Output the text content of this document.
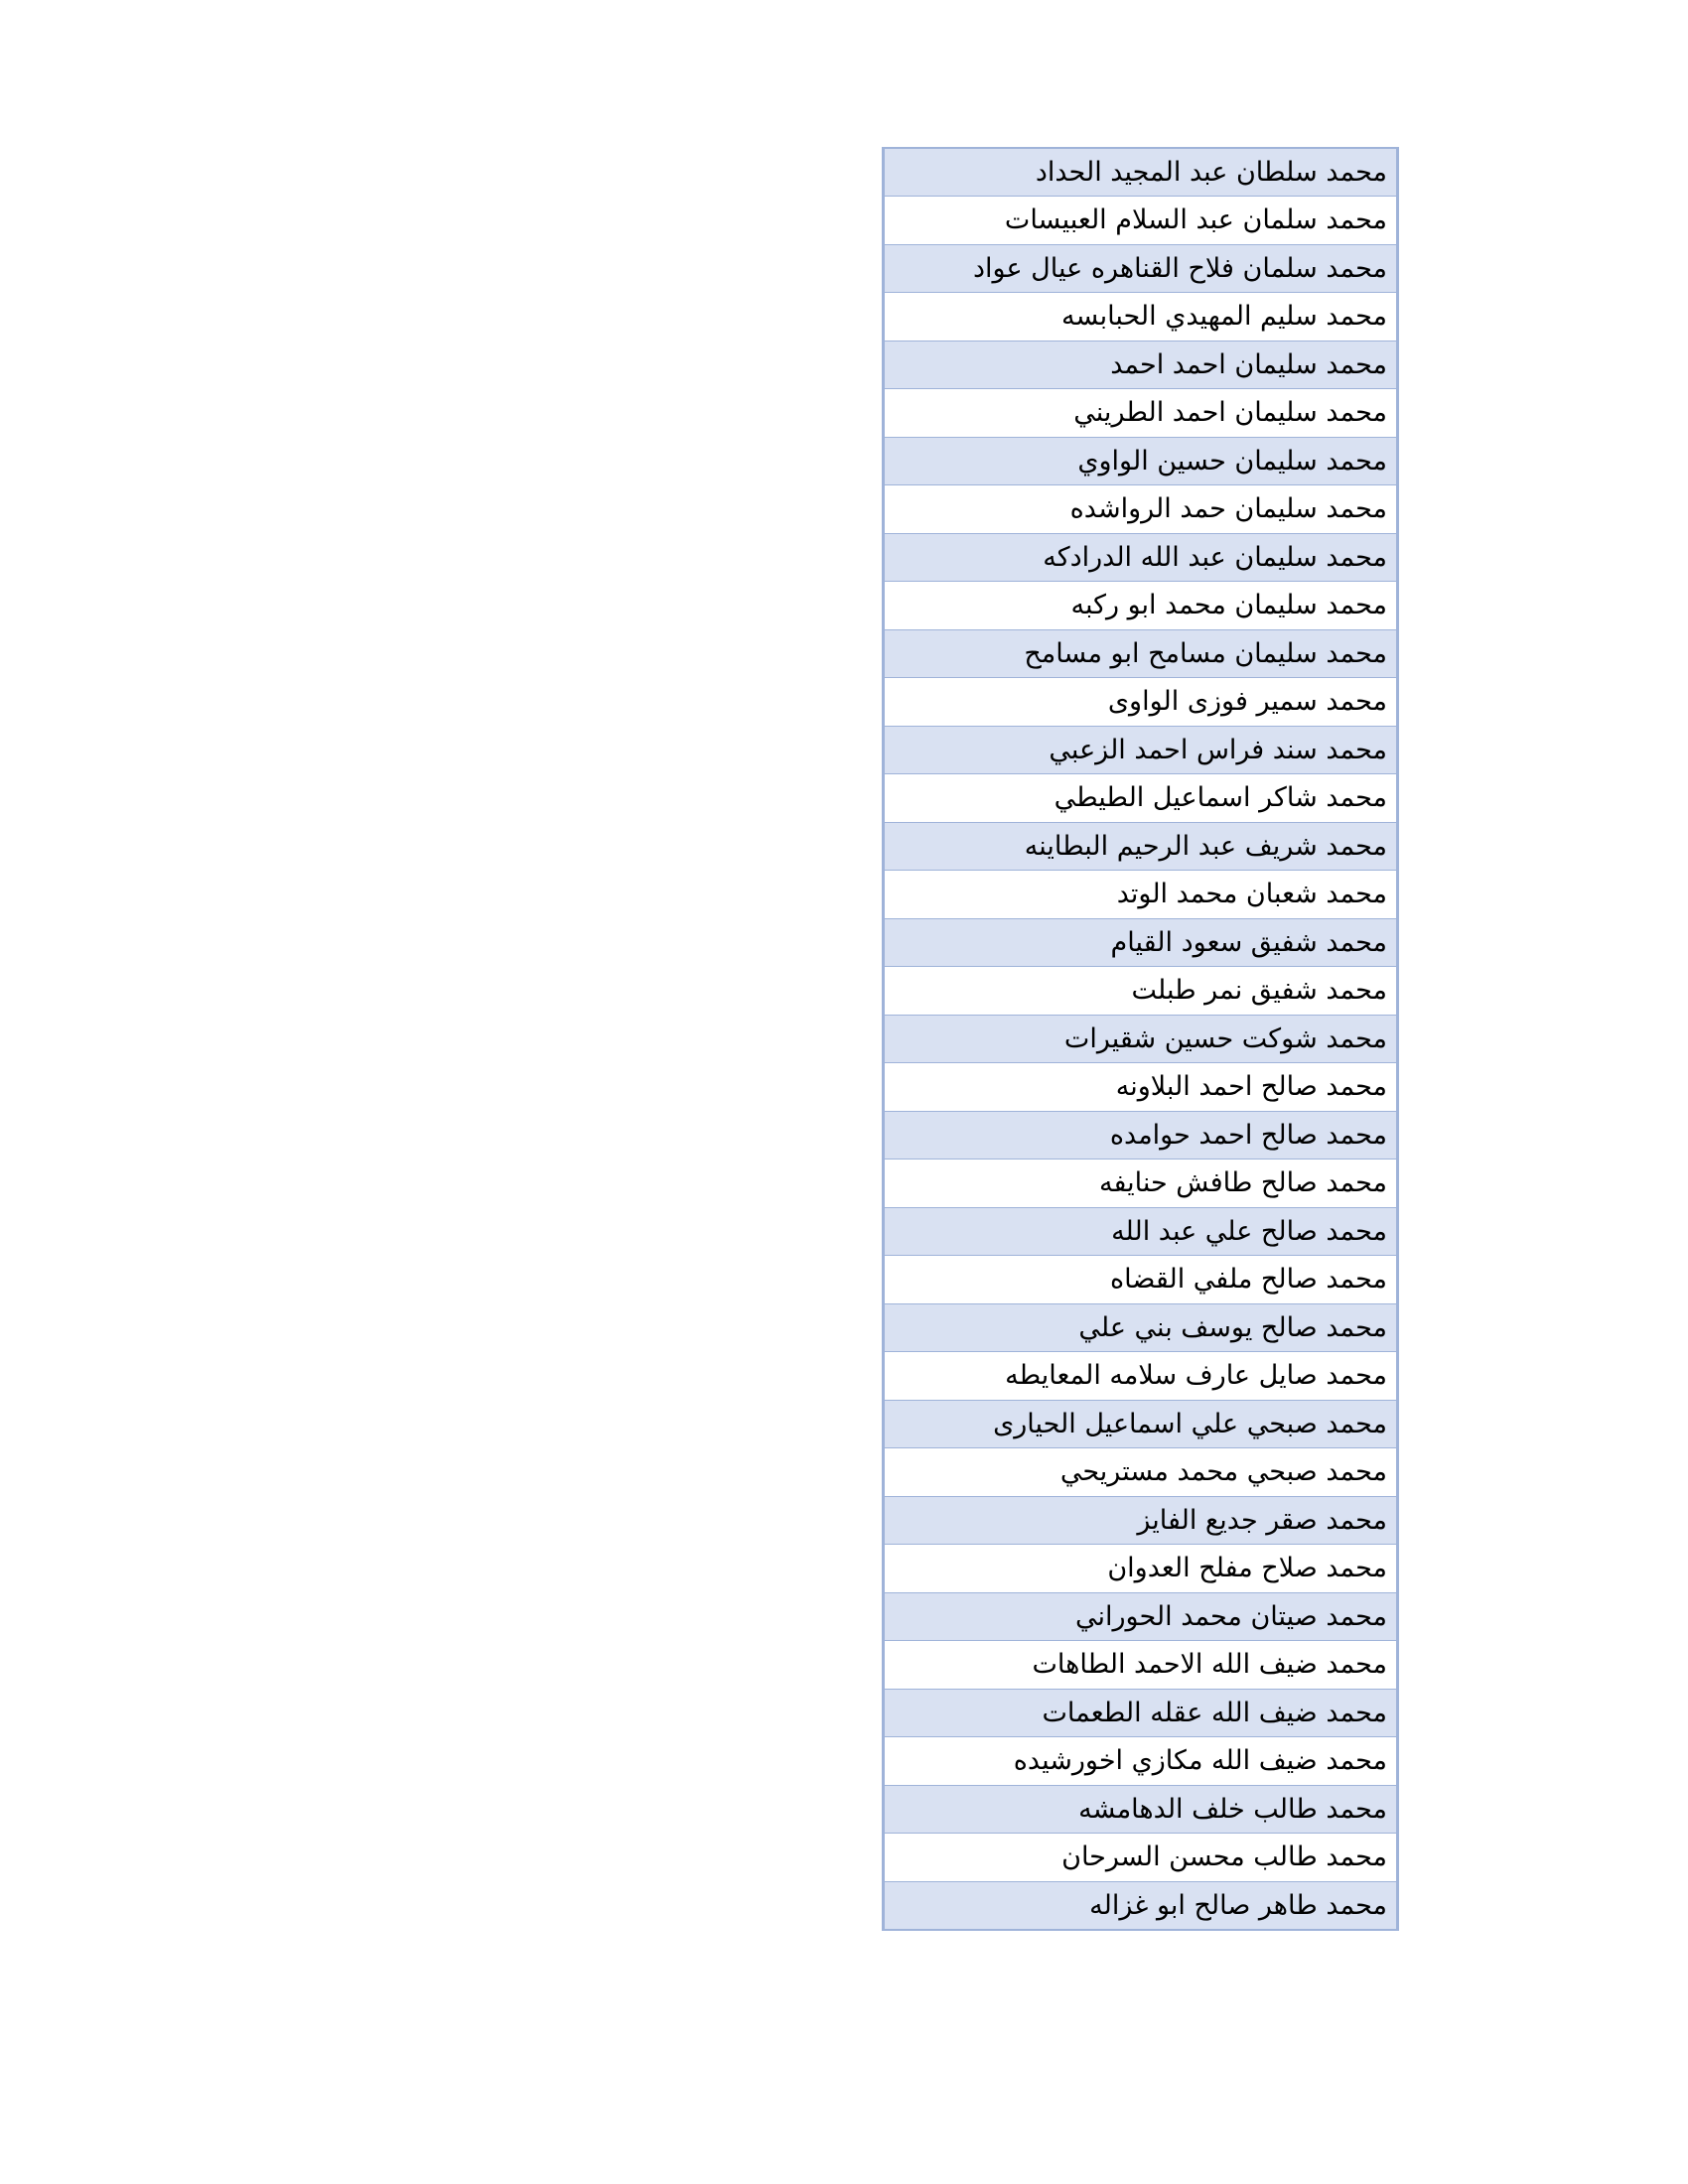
محمد سلطان عبد المجيد الحداد
محمد سلمان عبد السلام العبيسات
محمد سلمان فلاح القناهره عيال عواد
محمد سليم المهيدي الحبابسه
محمد سليمان احمد احمد
محمد سليمان احمد الطريني
محمد سليمان حسين الواوي
محمد سليمان حمد الرواشده
محمد سليمان عبد الله الدرادكه
محمد سليمان محمد ابو ركبه
محمد سليمان مسامح ابو مسامح
محمد سمير فوزى الواوى
محمد سند فراس احمد الزعبي
محمد شاكر اسماعيل الطيطي
محمد شريف عبد الرحيم البطاينه
محمد شعبان محمد الوتد
محمد شفيق سعود القيام
محمد شفيق نمر طبلت
محمد شوكت حسين شقيرات
محمد صالح احمد البلاونه
محمد صالح احمد حوامده
محمد صالح طافش حنايفه
محمد صالح علي عبد الله
محمد صالح ملفي القضاه
محمد صالح يوسف بني علي
محمد صايل عارف سلامه المعايطه
محمد صبحي علي اسماعيل الحيارى
محمد صبحي محمد مستريحي
محمد صقر جديع الفايز
محمد صلاح مفلح العدوان
محمد صيتان محمد الحوراني
محمد ضيف الله الاحمد الطاهات
محمد ضيف الله عقله الطعمات
محمد ضيف الله مكازي اخورشيده
محمد طالب خلف الدهامشه
محمد طالب محسن السرحان
محمد طاهر صالح ابو غزاله
